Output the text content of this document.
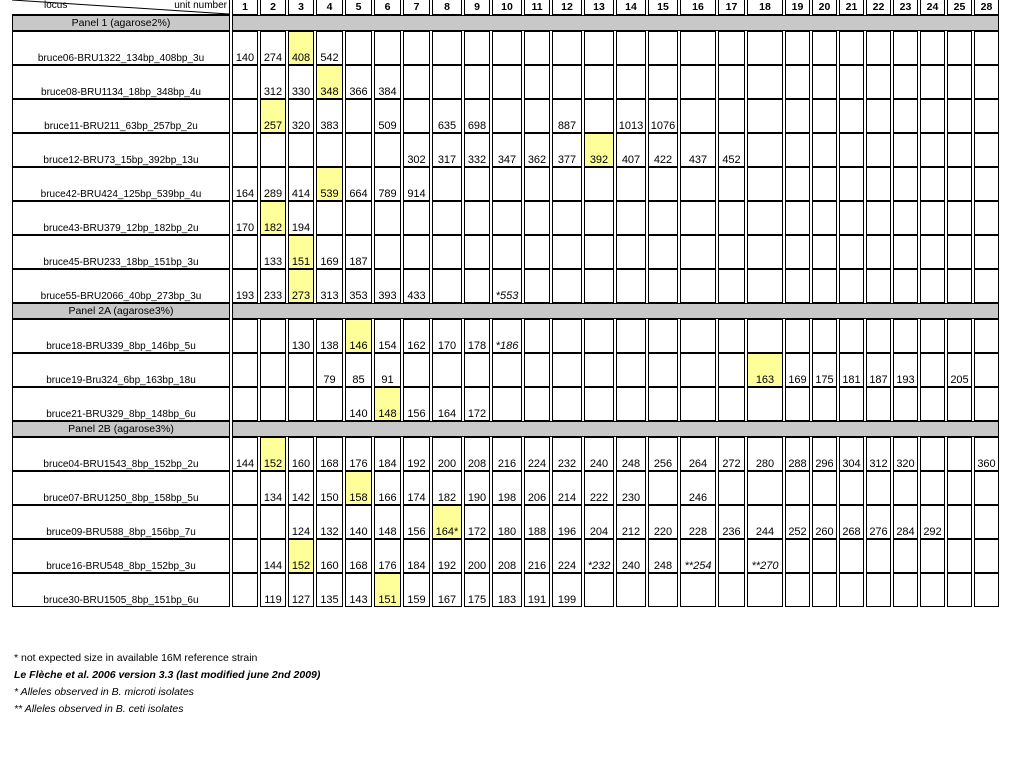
locus unit number	1	2	3	4	5	6	7	8	9	10	11	12	13	14	15	16	17	18	19	20	21	22	23	24	25	28
Panel 1 (agarose2%)																										
bruce06-BRU1322_134bp_408bp_3u	140	274	408	542																						
bruce08-BRU1134_18bp_348bp_4u		312	330	348	366	384																				
bruce11-BRU211_63bp_257bp_2u		257	320	383		509		635	698			887		1013	1076											
bruce12-BRU73_15bp_392bp_13u							302	317	332	347	362	377	392	407	422	437	452									
bruce42-BRU424_125bp_539bp_4u	164	289	414	539	664	789	914																			
bruce43-BRU379_12bp_182bp_2u	170	182	194																							
bruce45-BRU233_18bp_151bp_3u		133	151	169	187																					
bruce55-BRU2066_40bp_273bp_3u	193	233	273	313	353	393	433			*553																
Panel 2A (agarose3%)																										
bruce18-BRU339_8bp_146bp_5u			130	138	146	154	162	170	178	*186																
bruce19-Bru324_6bp_163bp_18u				79	85	91												163	169	175	181	187	193		205	
bruce21-BRU329_8bp_148bp_6u					140	148	156	164	172																	
Panel 2B (agarose3%)																										
bruce04-BRU1543_8bp_152bp_2u	144	152	160	168	176	184	192	200	208	216	224	232	240	248	256	264	272	280	288	296	304	312	320			360
bruce07-BRU1250_8bp_158bp_5u		134	142	150	158	166	174	182	190	198	206	214	222	230		246										
bruce09-BRU588_8bp_156bp_7u			124	132	140	148	156	164*	172	180	188	196	204	212	220	228	236	244	252	260	268	276	284	292		
bruce16-BRU548_8bp_152bp_3u		144	152	160	168	176	184	192	200	208	216	224	*232	240	248	**254		**270								
bruce30-BRU1505_8bp_151bp_6u		119	127	135	143	151	159	167	175	183	191	199														
* not expected size in available 16M reference strain
Le Flèche et al. 2006 version 3.3 (last modified june 2nd 2009)
* Alleles observed in B. microti isolates
** Alleles observed in B. ceti isolates
